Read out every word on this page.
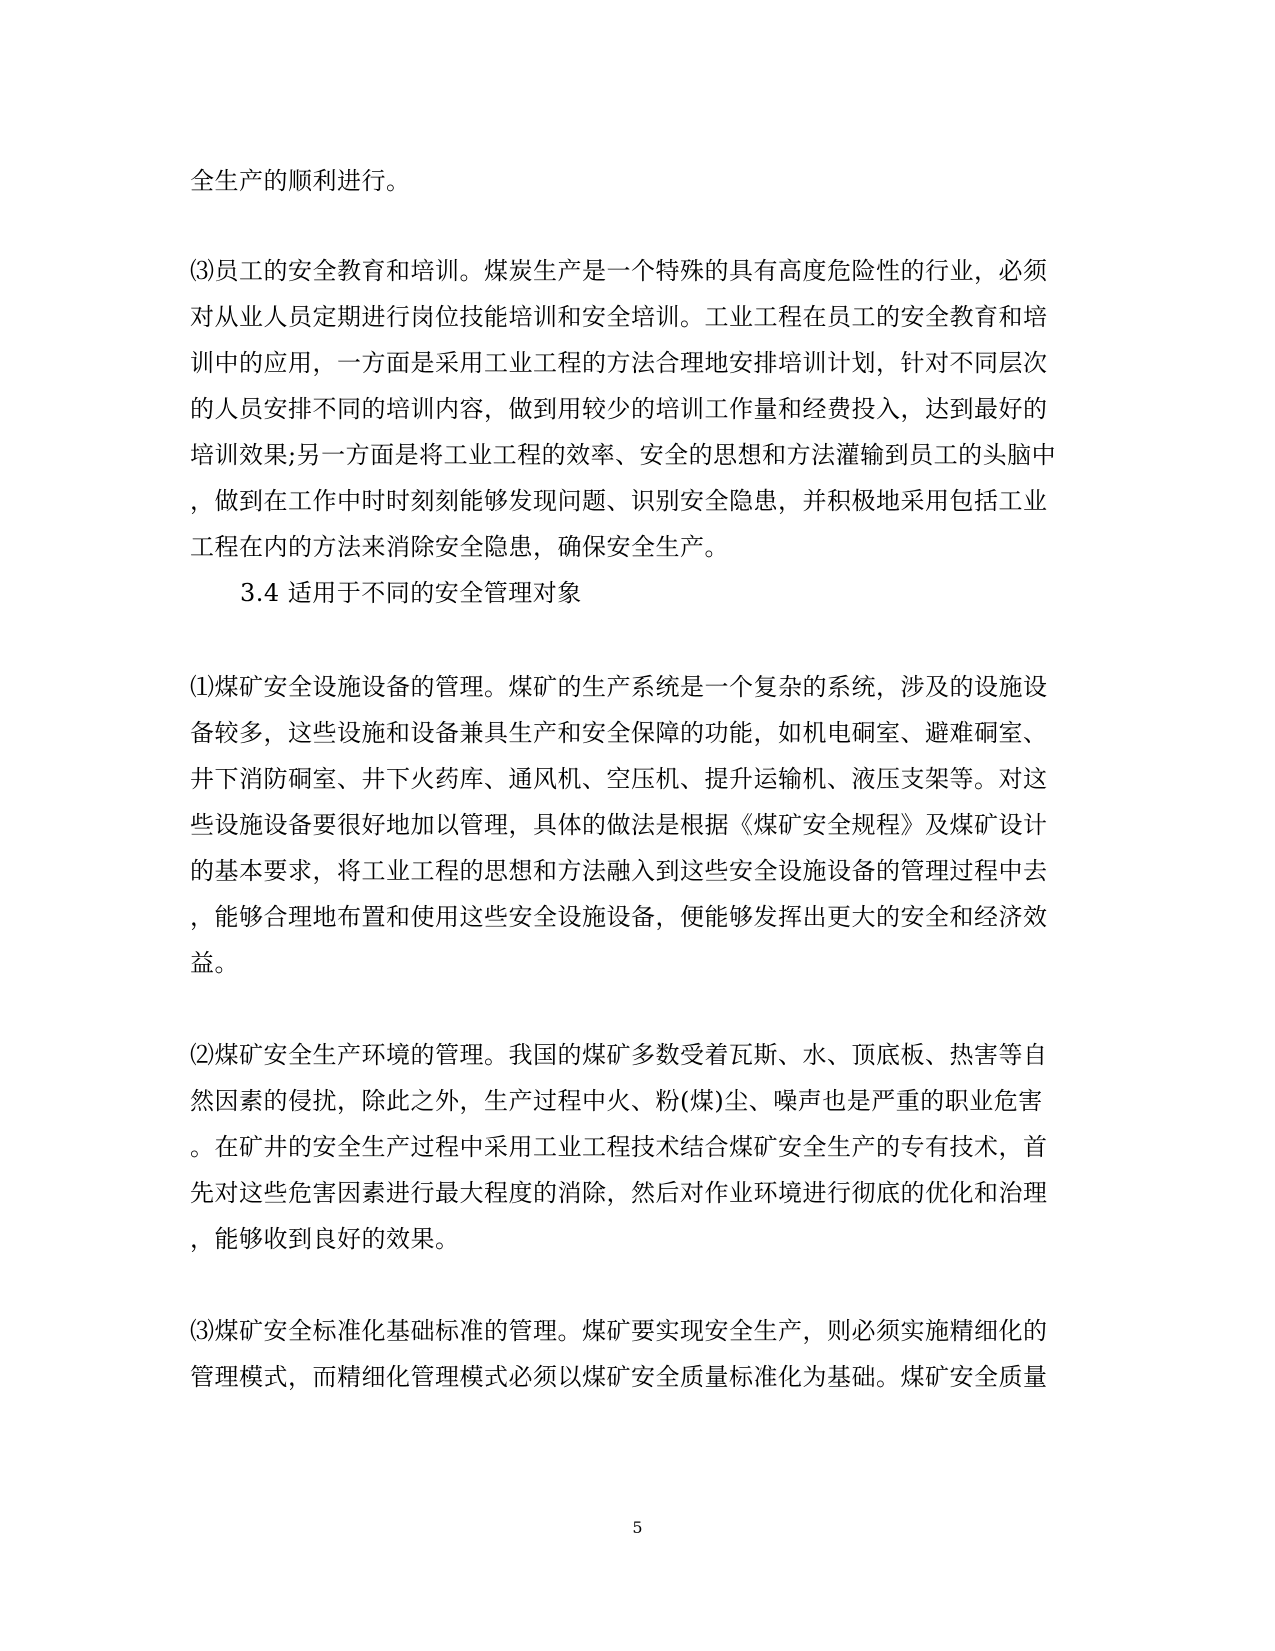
全生产的顺利进行。
⑶员工的安全教育和培训。煤炭生产是一个特殊的具有高度危险性的行业，必须
对从业人员定期进行岗位技能培训和安全培训。工业工程在员工的安全教育和培
训中的应用，一方面是采用工业工程的方法合理地安排培训计划，针对不同层次
的人员安排不同的培训内容，做到用较少的培训工作量和经费投入，达到最好的
培训效果;另一方面是将工业工程的效率、安全的思想和方法灌输到员工的头脑中
，做到在工作中时时刻刻能够发现问题、识别安全隐患，并积极地采用包括工业
工程在内的方法来消除安全隐患，确保安全生产。
3.4 适用于不同的安全管理对象
⑴煤矿安全设施设备的管理。煤矿的生产系统是一个复杂的系统，涉及的设施设
备较多，这些设施和设备兼具生产和安全保障的功能，如机电硐室、避难硐室、
井下消防硐室、井下火药库、通风机、空压机、提升运输机、液压支架等。对这
些设施设备要很好地加以管理，具体的做法是根据《煤矿安全规程》及煤矿设计
的基本要求，将工业工程的思想和方法融入到这些安全设施设备的管理过程中去
，能够合理地布置和使用这些安全设施设备，便能够发挥出更大的安全和经济效
益。
⑵煤矿安全生产环境的管理。我国的煤矿多数受着瓦斯、水、顶底板、热害等自
然因素的侵扰，除此之外，生产过程中火、粉(煤)尘、噪声也是严重的职业危害
。在矿井的安全生产过程中采用工业工程技术结合煤矿安全生产的专有技术，首
先对这些危害因素进行最大程度的消除，然后对作业环境进行彻底的优化和治理
，能够收到良好的效果。
⑶煤矿安全标准化基础标准的管理。煤矿要实现安全生产，则必须实施精细化的
管理模式，而精细化管理模式必须以煤矿安全质量标准化为基础。煤矿安全质量
5
